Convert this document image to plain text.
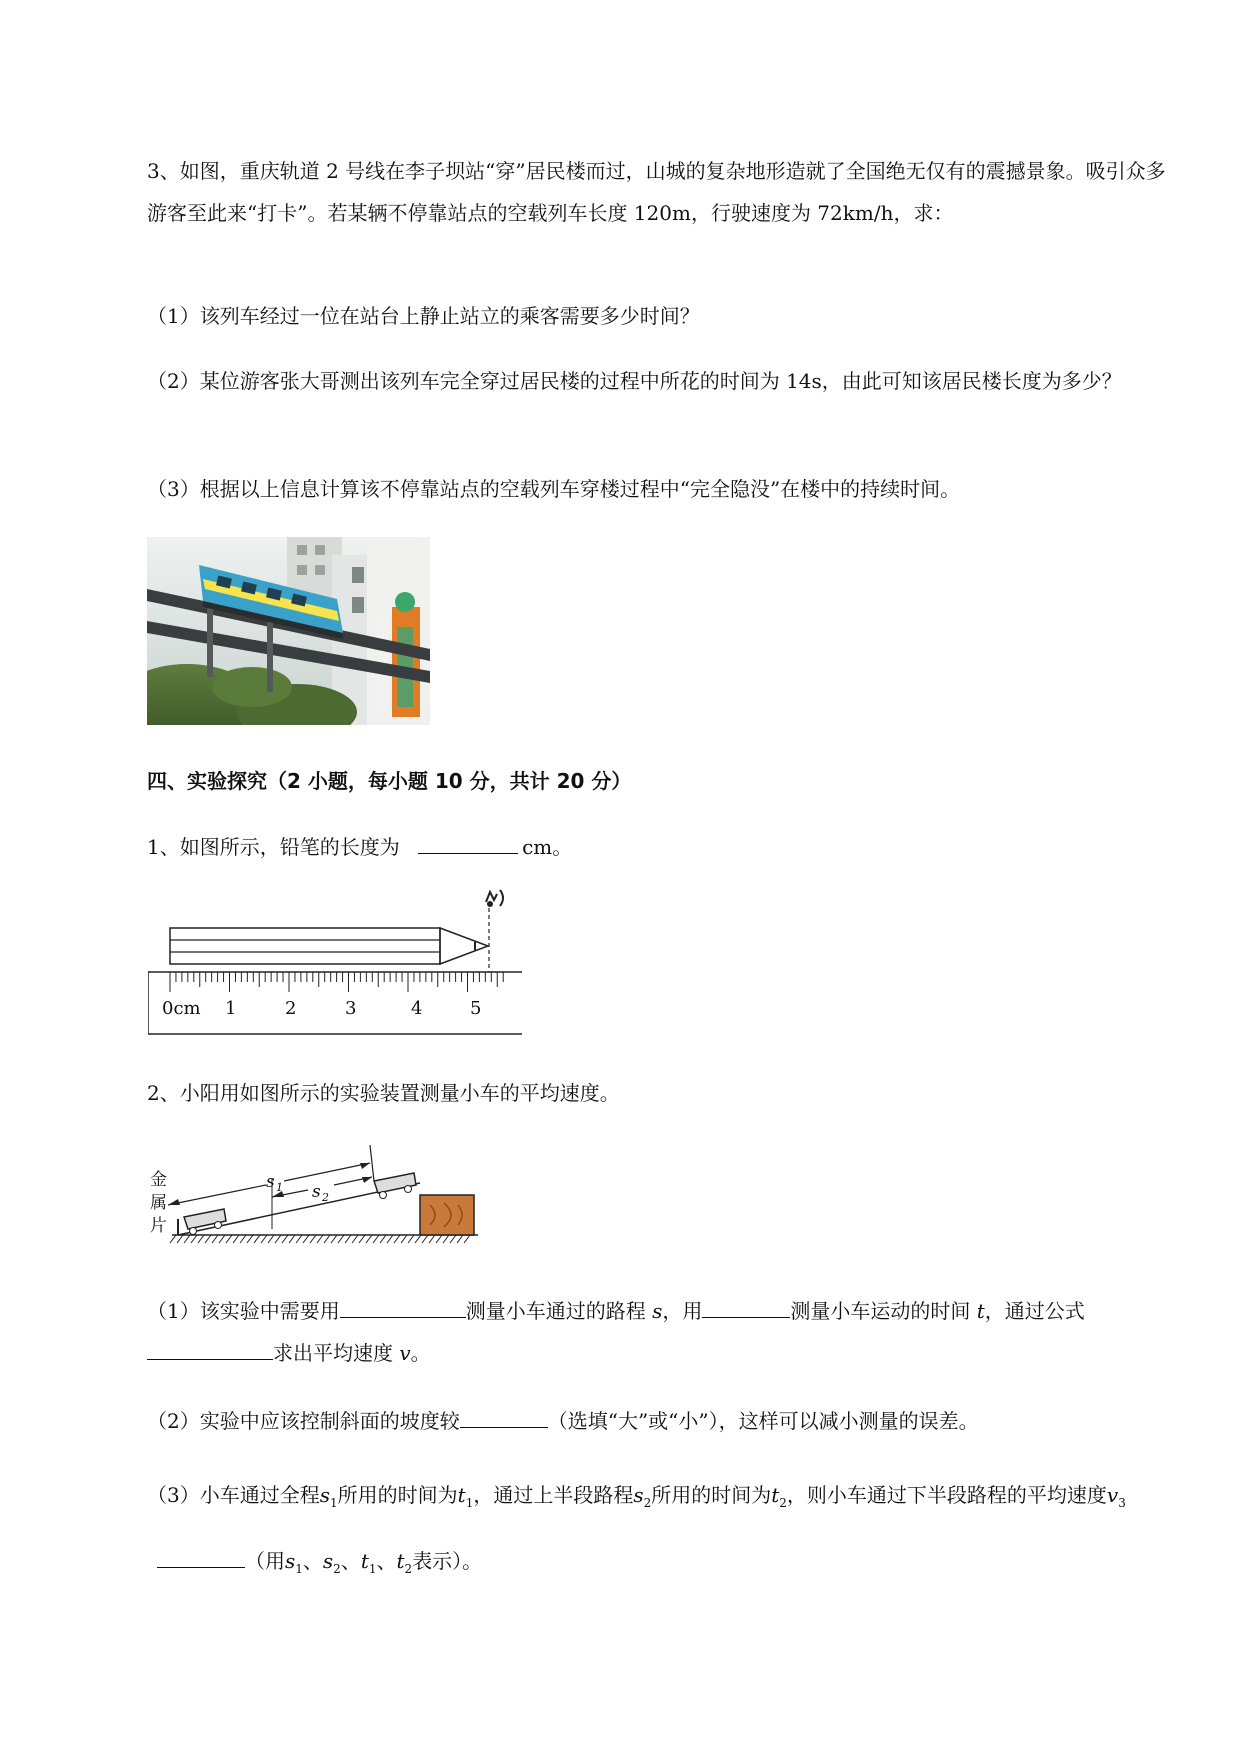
3、如图，重庆轨道 2 号线在李子坝站“穿”居民楼而过，山城的复杂地形造就了全国绝无仅有的震撼景象。吸引众多游客至此来“打卡”。若某辆不停靠站点的空载列车长度 120m，行驶速度为 72km/h，求：
（1）该列车经过一位在站台上静止站立的乘客需要多少时间？
（2）某位游客张大哥测出该列车完全穿过居民楼的过程中所花的时间为 14s，由此可知该居民楼长度为多少？
（3）根据以上信息计算该不停靠站点的空载列车穿楼过程中“完全隐没”在楼中的持续时间。
四、实验探究（2 小题，每小题 10 分，共计 20 分）
1、如图所示，铅笔的长度为	cm。
0cm 1	2	3	4	5
2、小阳用如图所示的实验装置测量小车的平均速度。
金
属
片
s 1 s 2
（1）该实验中需要用	测量小车通过的路程 s，用	测量小车运动的时间 t，通过公式求出平均速度 v。
（2）实验中应该控制斜面的坡度较	（选填“大”或“小”），这样可以减小测量的误差。
（3）小车通过全程$s_1$所用的时间为$t_1$，通过上半段路程$s_2$所用的时间为$t_2$，则小车通过下半段路程的平均速度$v_3$（用$s_1$、$s_2$、$t_1$、$t_2$表示）。
